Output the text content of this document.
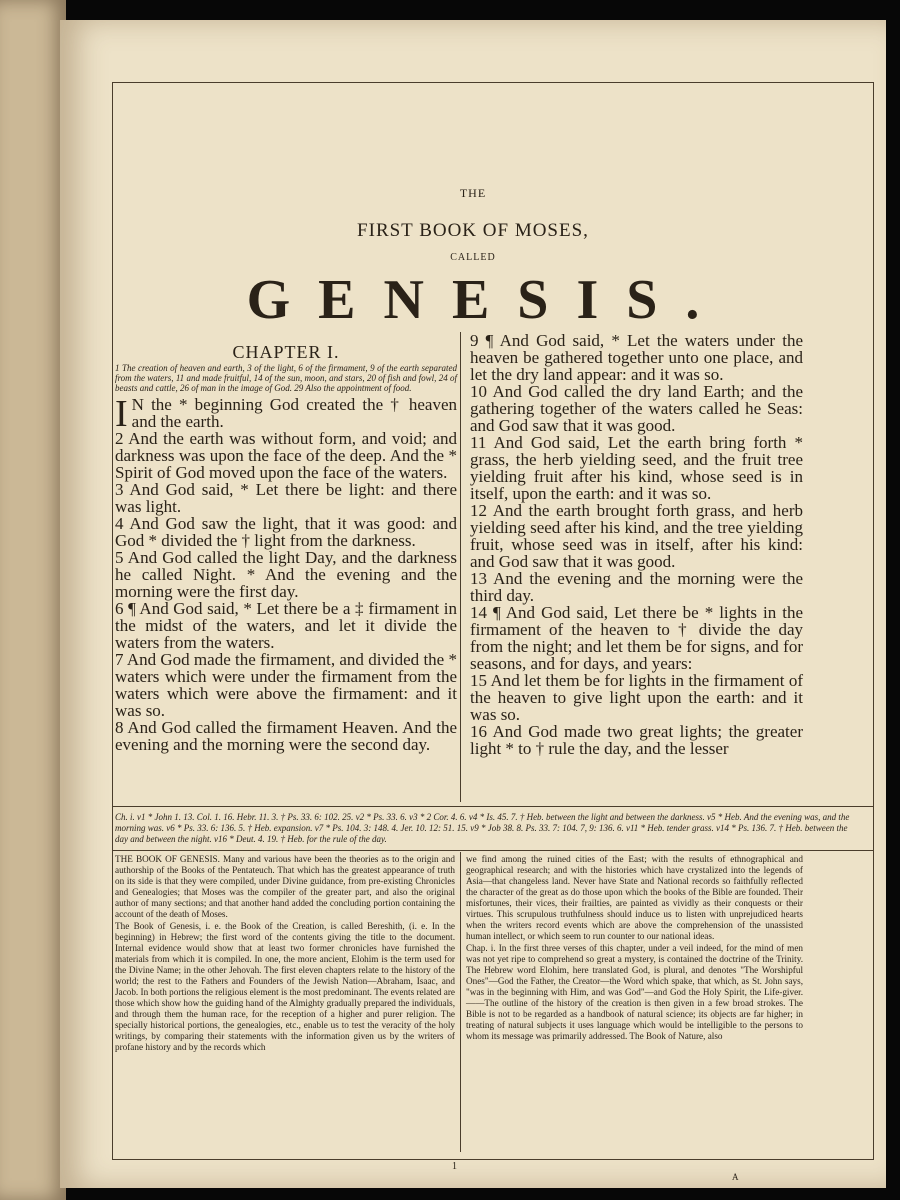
THE
FIRST BOOK OF MOSES,
CALLED
GENESIS.
CHAPTER I.
1 The creation of heaven and earth, 3 of the light, 6 of the firmament, 9 of the earth separated from the waters, 11 and made fruitful, 14 of the sun, moon, and stars, 20 of fish and fowl, 24 of beasts and cattle, 26 of man in the image of God. 29 Also the appointment of food.

I N the * beginning God created the † heaven and the earth.

2 And the earth was without form, and void; and darkness was upon the face of the deep. And the * Spirit of God moved upon the face of the waters.

3 And God said, * Let there be light: and there was light.

4 And God saw the light, that it was good: and God * divided the † light from the darkness.

5 And God called the light Day, and the darkness he called Night. * And the evening and the morning were the first day.

6 ¶ And God said, * Let there be a ‡ firmament in the midst of the waters, and let it divide the waters from the waters.

7 And God made the firmament, and divided the * waters which were under the firmament from the waters which were above the firmament: and it was so.

8 And God called the firmament Heaven. And the evening and the morning were the second day.

9 ¶ And God said, * Let the waters under the heaven be gathered together unto one place, and let the dry land appear: and it was so.

10 And God called the dry land Earth; and the gathering together of the waters called he Seas: and God saw that it was good.

11 And God said, Let the earth bring forth * grass, the herb yielding seed, and the fruit tree yielding fruit after his kind, whose seed is in itself, upon the earth: and it was so.

12 And the earth brought forth grass, and herb yielding seed after his kind, and the tree yielding fruit, whose seed was in itself, after his kind: and God saw that it was good.

13 And the evening and the morning were the third day.

14 ¶ And God said, Let there be * lights in the firmament of the heaven to † divide the day from the night; and let them be for signs, and for seasons, and for days, and years:

15 And let them be for lights in the firmament of the heaven to give light upon the earth: and it was so.

16 And God made two great lights; the greater light * to † rule the day, and the lesser

Ch. i. v1 * John 1. 13. Col. 1. 16. Hebr. 11. 3. † Ps. 33. 6: 102. 25. v2 * Ps. 33. 6. v3 * 2 Cor. 4. 6. v4 * Is. 45. 7. † Heb. between the light and between the darkness. v5 * Heb. And the evening was, and the morning was. v6 * Ps. 33. 6: 136. 5. † Heb. expansion. v7 * Ps. 104. 3: 148. 4. Jer. 10. 12: 51. 15. v9 * Job 38. 8. Ps. 33. 7: 104. 7, 9: 136. 6. v11 * Heb. tender grass. v14 * Ps. 136. 7. † Heb. between the day and between the night. v16 * Deut. 4. 19. † Heb. for the rule of the day.

THE BOOK OF GENESIS. Many and various have been the theories as to the origin and authorship of the Books of the Pentateuch. That which has the greatest appearance of truth on its side is that they were compiled, under Divine guidance, from pre-existing Chronicles and Genealogies; that Moses was the compiler of the greater part, and also the original author of many sections; and that another hand added the concluding portion containing the account of the death of Moses.

The Book of Genesis, i. e. the Book of the Creation, is called Bereshith, (i. e. In the beginning) in Hebrew; the first word of the contents giving the title to the document. Internal evidence would show that at least two former chronicles have furnished the materials from which it is compiled. In one, the more ancient, Elohim is the term used for the Divine Name; in the other Jehovah. The first eleven chapters relate to the history of the world; the rest to the Fathers and Founders of the Jewish Nation—Abraham, Isaac, and Jacob. In both portions the religious element is the most predominant. The events related are those which show how the guiding hand of the Almighty gradually prepared the individuals, and through them the human race, for the reception of a higher and purer religion. The specially historical portions, the genealogies, etc., enable us to test the veracity of the holy writings, by comparing their statements with the information given us by the writers of profane history and by the records which

we find among the ruined cities of the East; with the results of ethnographical and geographical research; and with the histories which have crystalized into the legends of Asia—that changeless land. Never have State and National records so faithfully reflected the character of the great as do those upon which the books of the Bible are founded. Their misfortunes, their vices, their frailties, are painted as vividly as their conquests or their virtues. This scrupulous truthfulness should induce us to listen with unprejudiced hearts when the writers record events which are above the comprehension of the unassisted human intellect, or which seem to run counter to our national ideas.

Chap. i. In the first three verses of this chapter, under a veil indeed, for the mind of men was not yet ripe to comprehend so great a mystery, is contained the doctrine of the Trinity. The Hebrew word Elohim, here translated God, is plural, and denotes "The Worshipful Ones"—God the Father, the Creator—the Word which spake, that which, as St. John says, "was in the beginning with Him, and was God"—and God the Holy Spirit, the Life-giver.——The outline of the history of the creation is then given in a few broad strokes. The Bible is not to be regarded as a handbook of natural science; its objects are far higher; in treating of natural subjects it uses language which would be intelligible to the persons to whom its message was primarily addressed. The Book of Nature, also

1
A
